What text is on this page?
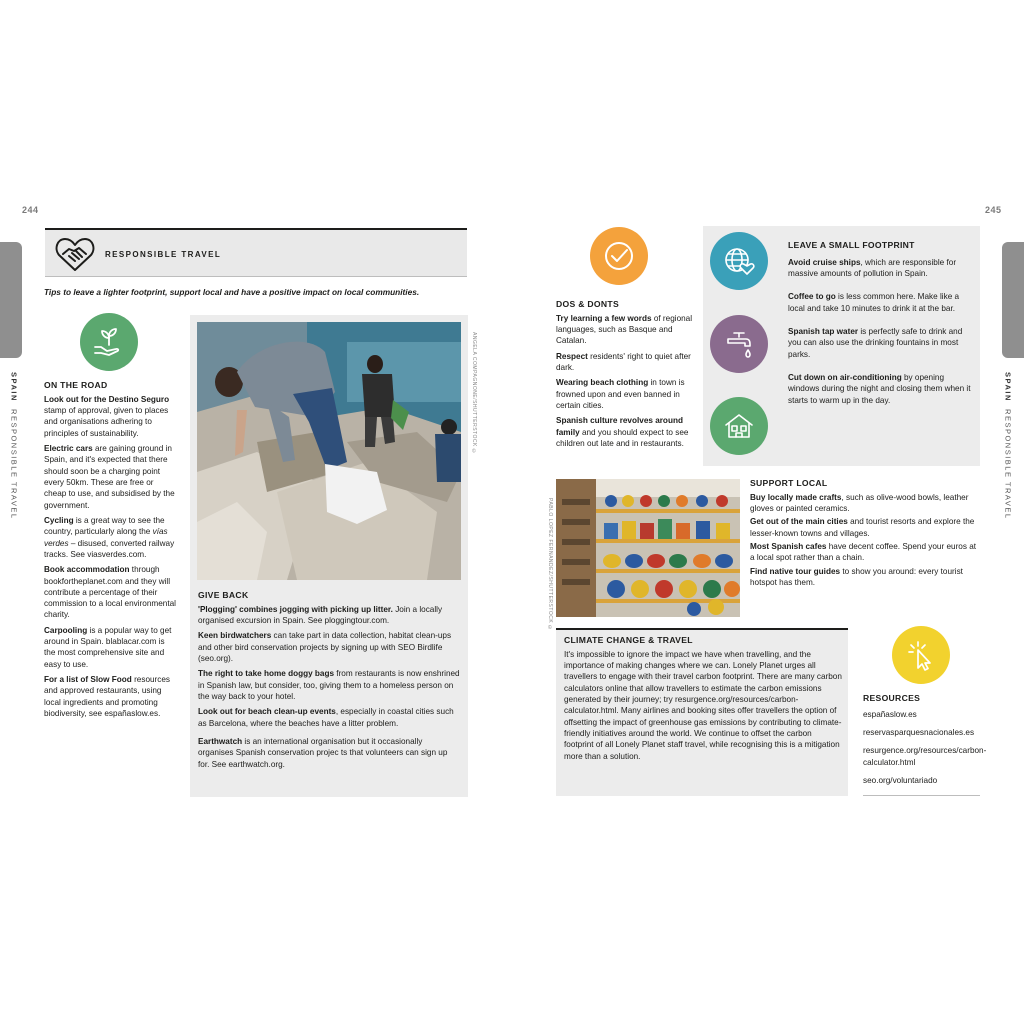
244
SPAIN  RESPONSIBLE TRAVEL
RESPONSIBLE TRAVEL
Tips to leave a lighter footprint, support local and have a positive impact on local communities.
ON THE ROAD

Look out for the Destino Seguro stamp of approval, given to places and organisations adhering to principles of sustainability.

Electric cars are gaining ground in Spain, and it's expected that there should soon be a charging point every 50km. These are free or cheap to use, and subsidised by the government.

Cycling is a great way to see the country, particularly along the vías verdes – disused, converted railway tracks. See viasverdes.com.

Book accommodation through bookfortheplanet.com and they will contribute a percentage of their commission to a local environmental charity.

Carpooling is a popular way to get around in Spain. blablacar.com is the most comprehensive site and easy to use.

For a list of Slow Food resources and approved restaurants, using local ingredients and promoting biodiversity, see españaslow.es.

ANGELA COMPAGNONE/SHUTTERSTOCK ©
GIVE BACK

'Plogging' combines jogging with picking up litter. Join a locally organised excursion in Spain. See ploggingtour.com.

Keen birdwatchers can take part in data collection, habitat clean-ups and other bird conservation projects by signing up with SEO Birdlife (seo.org).

The right to take home doggy bags from restaurants is now enshrined in Spanish law, but consider, too, giving them to a homeless person on the way back to your hotel.

Look out for beach clean-up events, especially in coastal cities such as Barcelona, where the beaches have a litter problem.

Earthwatch is an international organisation but it occasionally organises Spanish conservation projec ts that volunteers can sign up for. See earthwatch.org.

245
SPAIN  RESPONSIBLE TRAVEL
DOS & DONTS

Try learning a few words of regional languages, such as Basque and Catalan.

Respect residents' right to quiet after dark.

Wearing beach clothing in town is frowned upon and even banned in certain cities.

Spanish culture revolves around family and you should expect to see children out late and in restaurants.

LEAVE A SMALL FOOTPRINT

Avoid cruise ships, which are responsible for massive amounts of pollution in Spain.

Coffee to go is less common here. Make like a local and take 10 minutes to drink it at the bar.

Spanish tap water is perfectly safe to drink and you can also use the drinking fountains in most parks.

Cut down on air-conditioning by opening windows during the night and closing them when it starts to warm up in the day.

PABLO LOPEZ FERNANDEZ/SHUTTERSTOCK ©
SUPPORT LOCAL

Buy locally made crafts, such as olive-wood bowls, leather gloves or painted ceramics.

Get out of the main cities and tourist resorts and explore the lesser-known towns and villages.

Most Spanish cafes have decent coffee. Spend your euros at a local spot rather than a chain.

Find native tour guides to show you around: every tourist hotspot has them.

CLIMATE CHANGE & TRAVEL

It's impossible to ignore the impact we have when travelling, and the importance of making changes where we can. Lonely Planet urges all travellers to engage with their travel carbon footprint. There are many carbon calculators online that allow travellers to estimate the carbon emissions generated by their journey; try resurgence.org/resources/carbon-calculator.html. Many airlines and booking sites offer travellers the option of offsetting the impact of greenhouse gas emissions by contributing to climate-friendly initiatives around the world. We continue to offset the carbon footprint of all Lonely Planet staff travel, while recognising this is a mitigation more than a solution.

RESOURCES
españaslow.es
reservasparquesnacionales.es
resurgence.org/resources/carbon-calculator.html
seo.org/voluntariado
